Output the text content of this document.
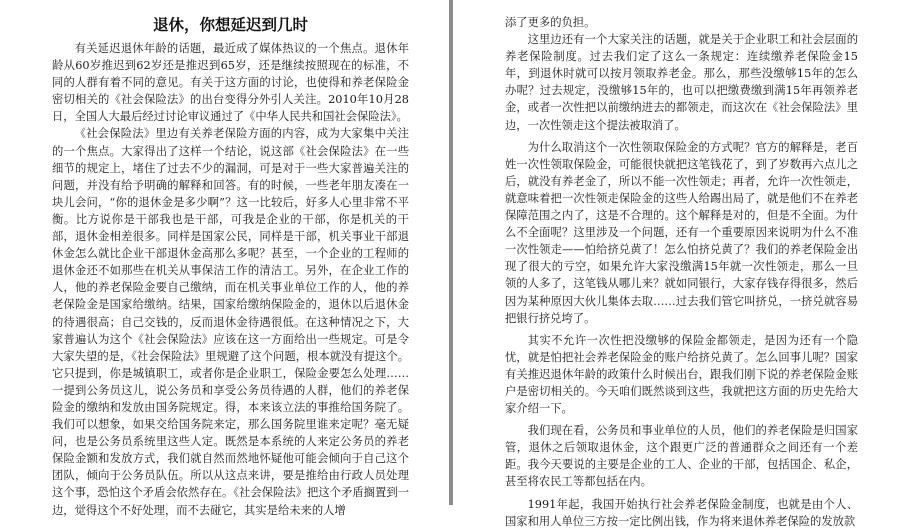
退休，你想延迟到几时

有关延迟退休年龄的话题，最近成了媒体热议的一个焦点。退休年龄从60岁推迟到62岁还是推迟到65岁，还是继续按照现在的标准，不同的人群有着不同的意见。有关于这方面的讨论，也使得和养老保险金密切相关的《社会保险法》的出台变得分外引人关注。2010年10月28日，全国人大最后经过讨论审议通过了《中华人民共和国社会保险法》。

《社会保险法》里边有关养老保险方面的内容，成为大家集中关注的一个焦点。大家得出了这样一个结论，说这部《社会保险法》在一些细节的规定上，堵住了过去不少的漏洞，可是对于一些大家普遍关注的问题，并没有给予明确的解释和回答。有的时候，一些老年朋友凑在一块儿会问，“你的退休金是多少啊”？这一比较后，好多人心里非常不平衡。比方说你是干部我也是干部，可我是企业的干部，你是机关的干部，退休金相差很多。同样是国家公民，同样是干部，机关事业干部退休金怎么就比企业干部退休金高那么多呢？甚至，一个企业的工程师的退休金还不如那些在机关从事保洁工作的清洁工。另外，在企业工作的人，他的养老保险金要自己缴纳，而在机关事业单位工作的人，他的养老保险金是国家给缴纳。结果，国家给缴纳保险金的，退休以后退休金的待遇很高；自己交钱的，反而退休金待遇很低。在这种情况之下，大家普遍认为这个《社会保险法》应该在这一方面给出一些规定。可是令大家失望的是，《社会保险法》里规避了这个问题，根本就没有提这个。它只提到，你是城镇职工，或者你是企业职工，保险金要怎么处理……一提到公务员这儿，说公务员和享受公务员待遇的人群，他们的养老保险金的缴纳和发放由国务院规定。得，本来该立法的事推给国务院了。我们可以想象，如果交给国务院来定，那么国务院里谁来定呢？毫无疑问，也是公务员系统里这些人定。既然是本系统的人来定公务员的养老保险金额和发放方式，我们就自然而然地怀疑他可能会倾向于自己这个团队，倾向于公务员队伍。所以从这点来讲，要是推给由行政人员处理这个事，恐怕这个矛盾会依然存在。《社会保险法》把这个矛盾搁置到一边，觉得这个不好处理，而不去碰它，其实是给未来的人增

添了更多的负担。

这里边还有一个大家关注的话题，就是关于企业职工和社会层面的养老保险制度。过去我们定了这么一条规定：连续缴养老保险金15年，到退休时就可以按月领取养老金。那么，那些没缴够15年的怎么办呢？过去规定，没缴够15年的，也可以把缴费缴到满15年再领养老金，或者一次性把以前缴纳进去的都领走，而这次在《社会保险法》里边，一次性领走这个提法被取消了。

为什么取消这个一次性领取保险金的方式呢？官方的解释是，老百姓一次性领取保险金，可能很快就把这笔钱花了，到了岁数再六点儿之后，就没有养老金了，所以不能一次性领走；再者，允许一次性领走，就意味着把一次性领走保险金的这些人给踢出局了，就是他们不在养老保障范围之内了，这是不合理的。这个解释是对的，但是不全面。为什么不全面呢？这里涉及一个问题，还有一个重要原因来说明为什么不准一次性领走——怕给挤兑黄了！怎么怕挤兑黄了？我们的养老保险金出现了很大的亏空，如果允许大家没缴满15年就一次性领走，那么一旦领的人多了，这笔钱从哪儿来？就如同银行，大家存钱存得很多，然后因为某种原因大伙儿集体去取……过去我们管它叫挤兑，一挤兑就容易把银行挤兑垮了。

其实不允许一次性把没缴够的保险金都领走，是因为还有一个隐忧，就是怕把社会养老保险金的账户给挤兑黄了。怎么回事儿呢？国家有关推迟退休年龄的政策什么时候出台，跟我们刚下说的养老保险金账户是密切相关的。今天咱们既然谈到这些，我就把这方面的历史先给大家介绍一下。

我们现在看，公务员和事业单位的人员，他们的养老保险是归国家管，退休之后领取退休金，这个跟更广泛的普通群众之间还有一个差距。我今天要说的主要是企业的工人、企业的干部，包括国企、私企，甚至将农民工等都包括在内。

1991年起，我国开始执行社会养老保险金制度，也就是由个人、国家和用人单位三方按一定比例出钱，作为将来退休养老保险的发放款
